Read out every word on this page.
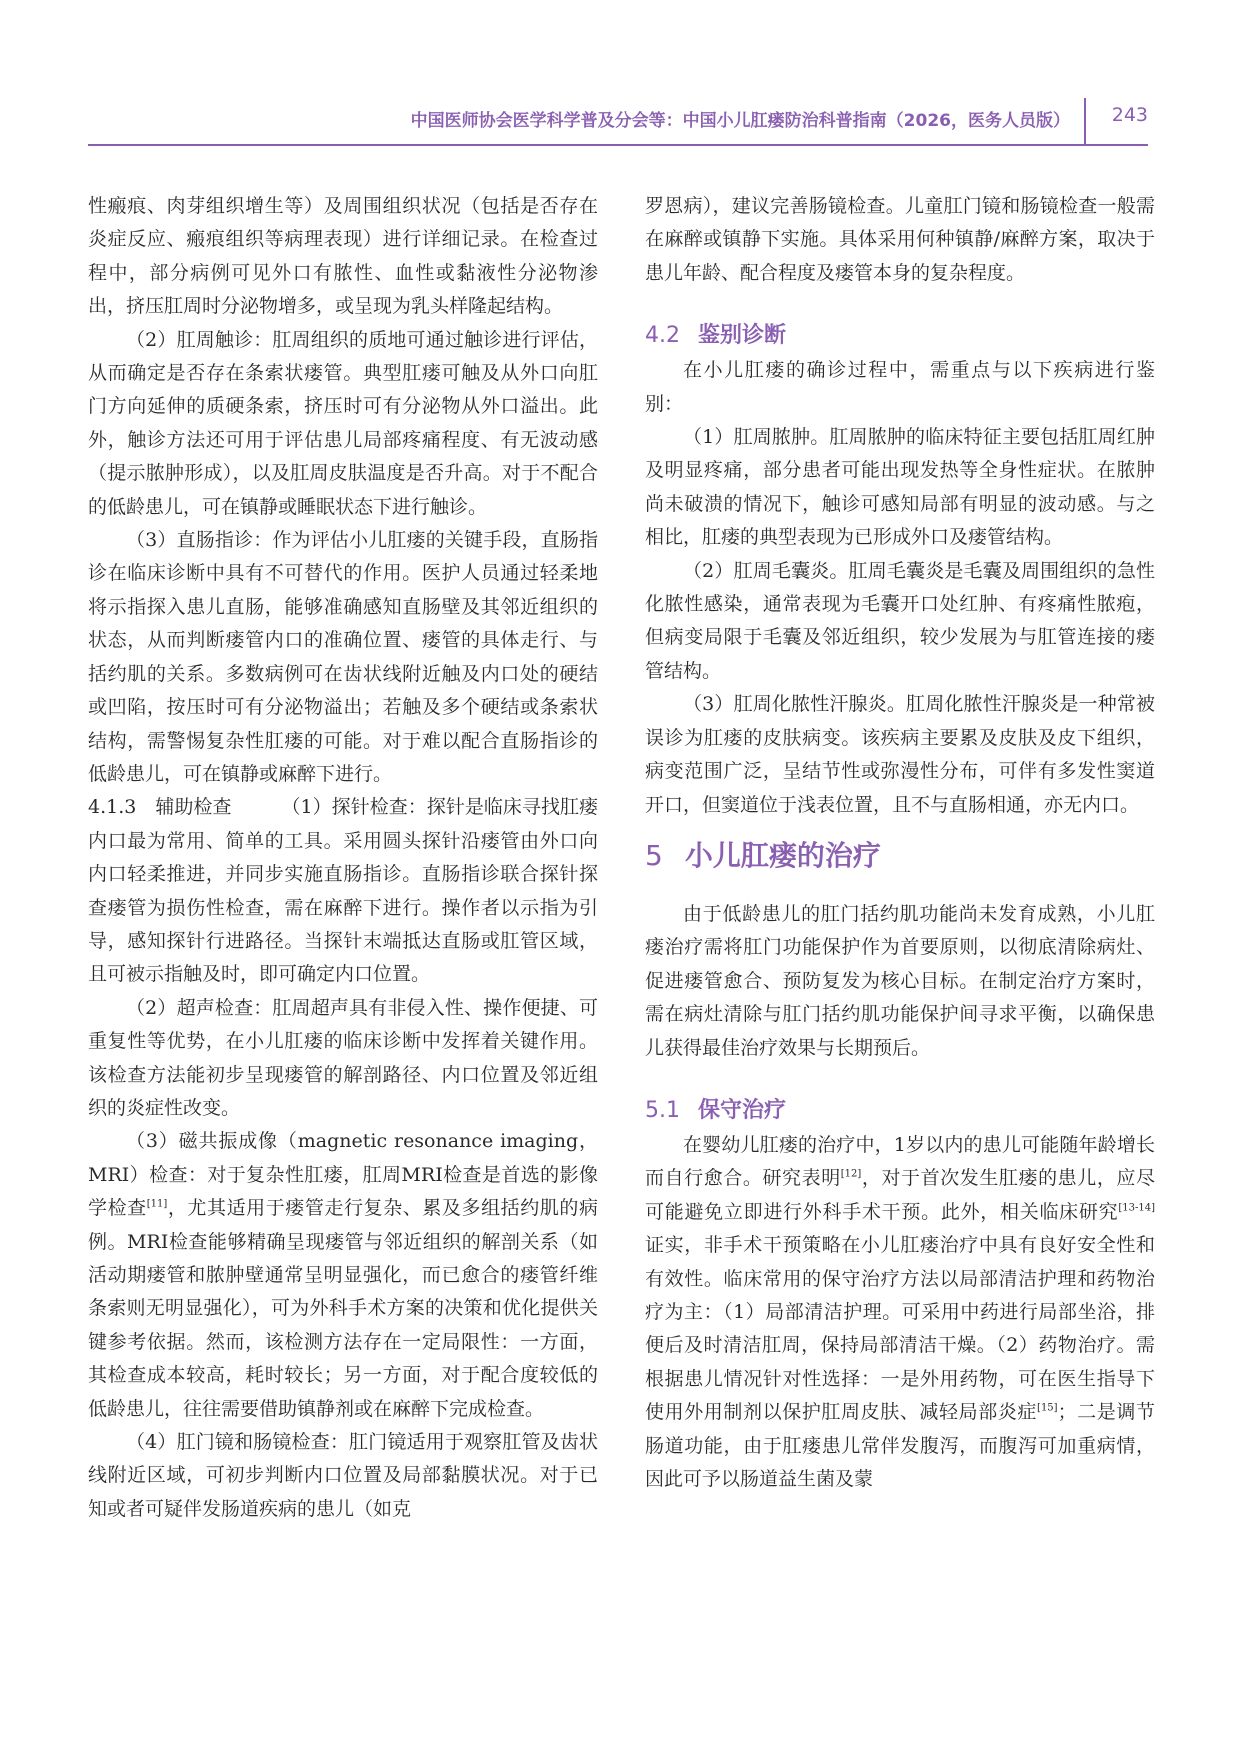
中国医师协会医学科学普及分会等：中国小儿肛瘘防治科普指南（2026，医务人员版） 243

性瘢痕、肉芽组织增生等）及周围组织状况（包括是否存在炎症反应、瘢痕组织等病理表现）进行详细记录。在检查过程中，部分病例可见外口有脓性、血性或黏液性分泌物渗出，挤压肛周时分泌物增多，或呈现为乳头样隆起结构。

（2）肛周触诊：肛周组织的质地可通过触诊进行评估，从而确定是否存在条索状瘘管。典型肛瘘可触及从外口向肛门方向延伸的质硬条索，挤压时可有分泌物从外口溢出。此外，触诊方法还可用于评估患儿局部疼痛程度、有无波动感（提示脓肿形成），以及肛周皮肤温度是否升高。对于不配合的低龄患儿，可在镇静或睡眠状态下进行触诊。

（3）直肠指诊：作为评估小儿肛瘘的关键手段，直肠指诊在临床诊断中具有不可替代的作用。医护人员通过轻柔地将示指探入患儿直肠，能够准确感知直肠壁及其邻近组织的状态，从而判断瘘管内口的准确位置、瘘管的具体走行、与括约肌的关系。多数病例可在齿状线附近触及内口处的硬结或凹陷，按压时可有分泌物溢出；若触及多个硬结或条索状结构，需警惕复杂性肛瘘的可能。对于难以配合直肠指诊的低龄患儿，可在镇静或麻醉下进行。

4.1.3　辅助检查	（1）探针检查：探针是临床寻找肛瘘内口最为常用、简单的工具。采用圆头探针沿瘘管由外口向内口轻柔推进，并同步实施直肠指诊。直肠指诊联合探针探查瘘管为损伤性检查，需在麻醉下进行。操作者以示指为引导，感知探针行进路径。当探针末端抵达直肠或肛管区域，且可被示指触及时，即可确定内口位置。

（2）超声检查：肛周超声具有非侵入性、操作便捷、可重复性等优势，在小儿肛瘘的临床诊断中发挥着关键作用。该检查方法能初步呈现瘘管的解剖路径、内口位置及邻近组织的炎症性改变。

（3）磁共振成像（magnetic resonance imaging，MRI）检查：对于复杂性肛瘘，肛周MRI检查是首选的影像学检查[11]，尤其适用于瘘管走行复杂、累及多组括约肌的病例。MRI检查能够精确呈现瘘管与邻近组织的解剖关系（如活动期瘘管和脓肿壁通常呈明显强化，而已愈合的瘘管纤维条索则无明显强化），可为外科手术方案的决策和优化提供关键参考依据。然而，该检测方法存在一定局限性：一方面，其检查成本较高，耗时较长；另一方面，对于配合度较低的低龄患儿，往往需要借助镇静剂或在麻醉下完成检查。

（4）肛门镜和肠镜检查：肛门镜适用于观察肛管及齿状线附近区域，可初步判断内口位置及局部黏膜状况。对于已知或者可疑伴发肠道疾病的患儿（如克

罗恩病），建议完善肠镜检查。儿童肛门镜和肠镜检查一般需在麻醉或镇静下实施。具体采用何种镇静/麻醉方案，取决于患儿年龄、配合程度及瘘管本身的复杂程度。

4.2 鉴别诊断

在小儿肛瘘的确诊过程中，需重点与以下疾病进行鉴别：

（1）肛周脓肿。肛周脓肿的临床特征主要包括肛周红肿及明显疼痛，部分患者可能出现发热等全身性症状。在脓肿尚未破溃的情况下，触诊可感知局部有明显的波动感。与之相比，肛瘘的典型表现为已形成外口及瘘管结构。

（2）肛周毛囊炎。肛周毛囊炎是毛囊及周围组织的急性化脓性感染，通常表现为毛囊开口处红肿、有疼痛性脓疱，但病变局限于毛囊及邻近组织，较少发展为与肛管连接的瘘管结构。

（3）肛周化脓性汗腺炎。肛周化脓性汗腺炎是一种常被误诊为肛瘘的皮肤病变。该疾病主要累及皮肤及皮下组织，病变范围广泛，呈结节性或弥漫性分布，可伴有多发性窦道开口，但窦道位于浅表位置，且不与直肠相通，亦无内口。

5 小儿肛瘘的治疗

由于低龄患儿的肛门括约肌功能尚未发育成熟，小儿肛瘘治疗需将肛门功能保护作为首要原则，以彻底清除病灶、促进瘘管愈合、预防复发为核心目标。在制定治疗方案时，需在病灶清除与肛门括约肌功能保护间寻求平衡，以确保患儿获得最佳治疗效果与长期预后。

5.1 保守治疗

在婴幼儿肛瘘的治疗中，1岁以内的患儿可能随年龄增长而自行愈合。研究表明[12]，对于首次发生肛瘘的患儿，应尽可能避免立即进行外科手术干预。此外，相关临床研究[13-14]证实，非手术干预策略在小儿肛瘘治疗中具有良好安全性和有效性。临床常用的保守治疗方法以局部清洁护理和药物治疗为主：（1）局部清洁护理。可采用中药进行局部坐浴，排便后及时清洁肛周，保持局部清洁干燥。（2）药物治疗。需根据患儿情况针对性选择：一是外用药物，可在医生指导下使用外用制剂以保护肛周皮肤、减轻局部炎症[15]；二是调节肠道功能，由于肛瘘患儿常伴发腹泻，而腹泻可加重病情，因此可予以肠道益生菌及蒙
